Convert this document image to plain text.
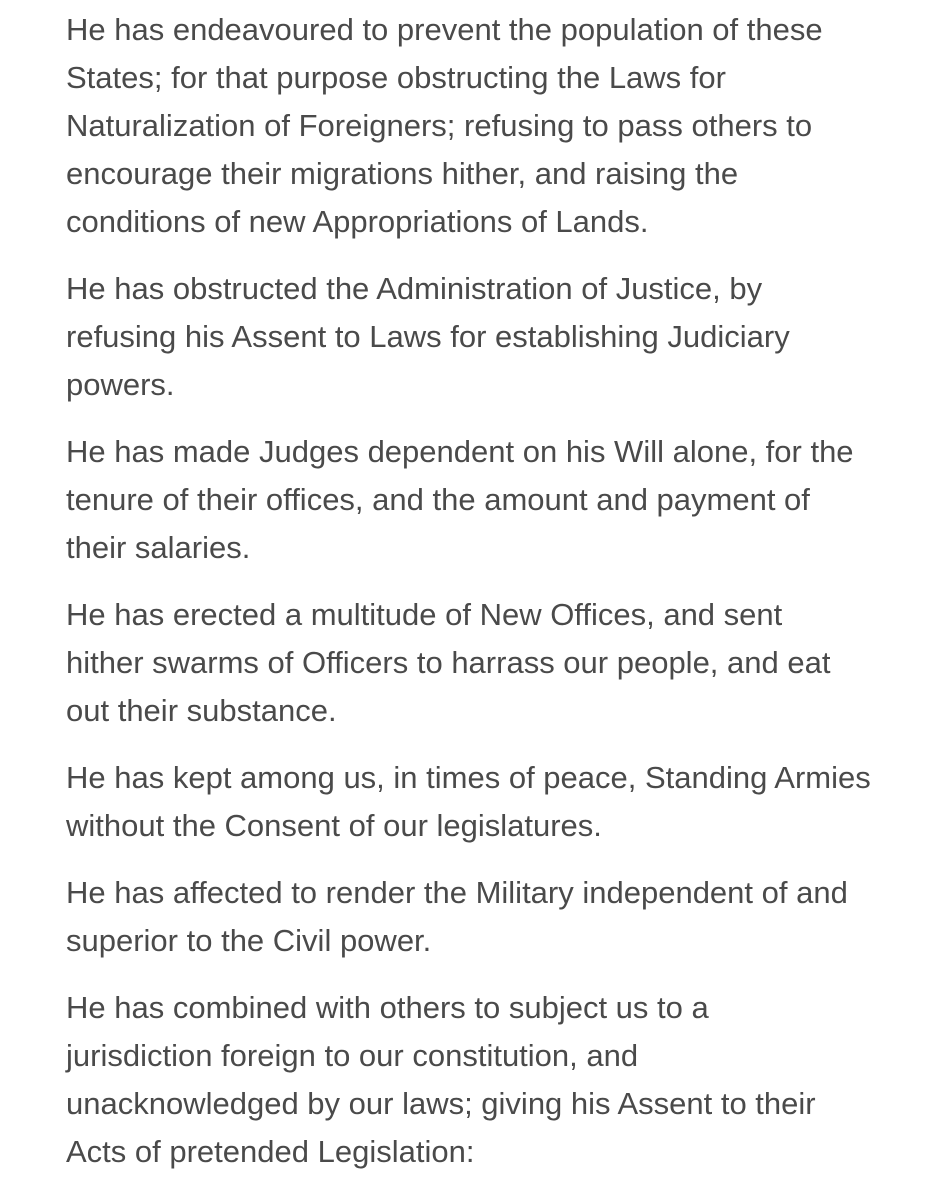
He has endeavoured to prevent the population of these
States; for that purpose obstructing the Laws for
Naturalization of Foreigners; refusing to pass others to
encourage their migrations hither, and raising the
conditions of new Appropriations of Lands.

He has obstructed the Administration of Justice, by
refusing his Assent to Laws for establishing Judiciary
powers.

He has made Judges dependent on his Will alone, for the
tenure of their offices, and the amount and payment of
their salaries.

He has erected a multitude of New Offices, and sent
hither swarms of Officers to harrass our people, and eat
out their substance.

He has kept among us, in times of peace, Standing Armies
without the Consent of our legislatures.

He has affected to render the Military independent of and
superior to the Civil power.

He has combined with others to subject us to a
jurisdiction foreign to our constitution, and
unacknowledged by our laws; giving his Assent to their
Acts of pretended Legislation:
